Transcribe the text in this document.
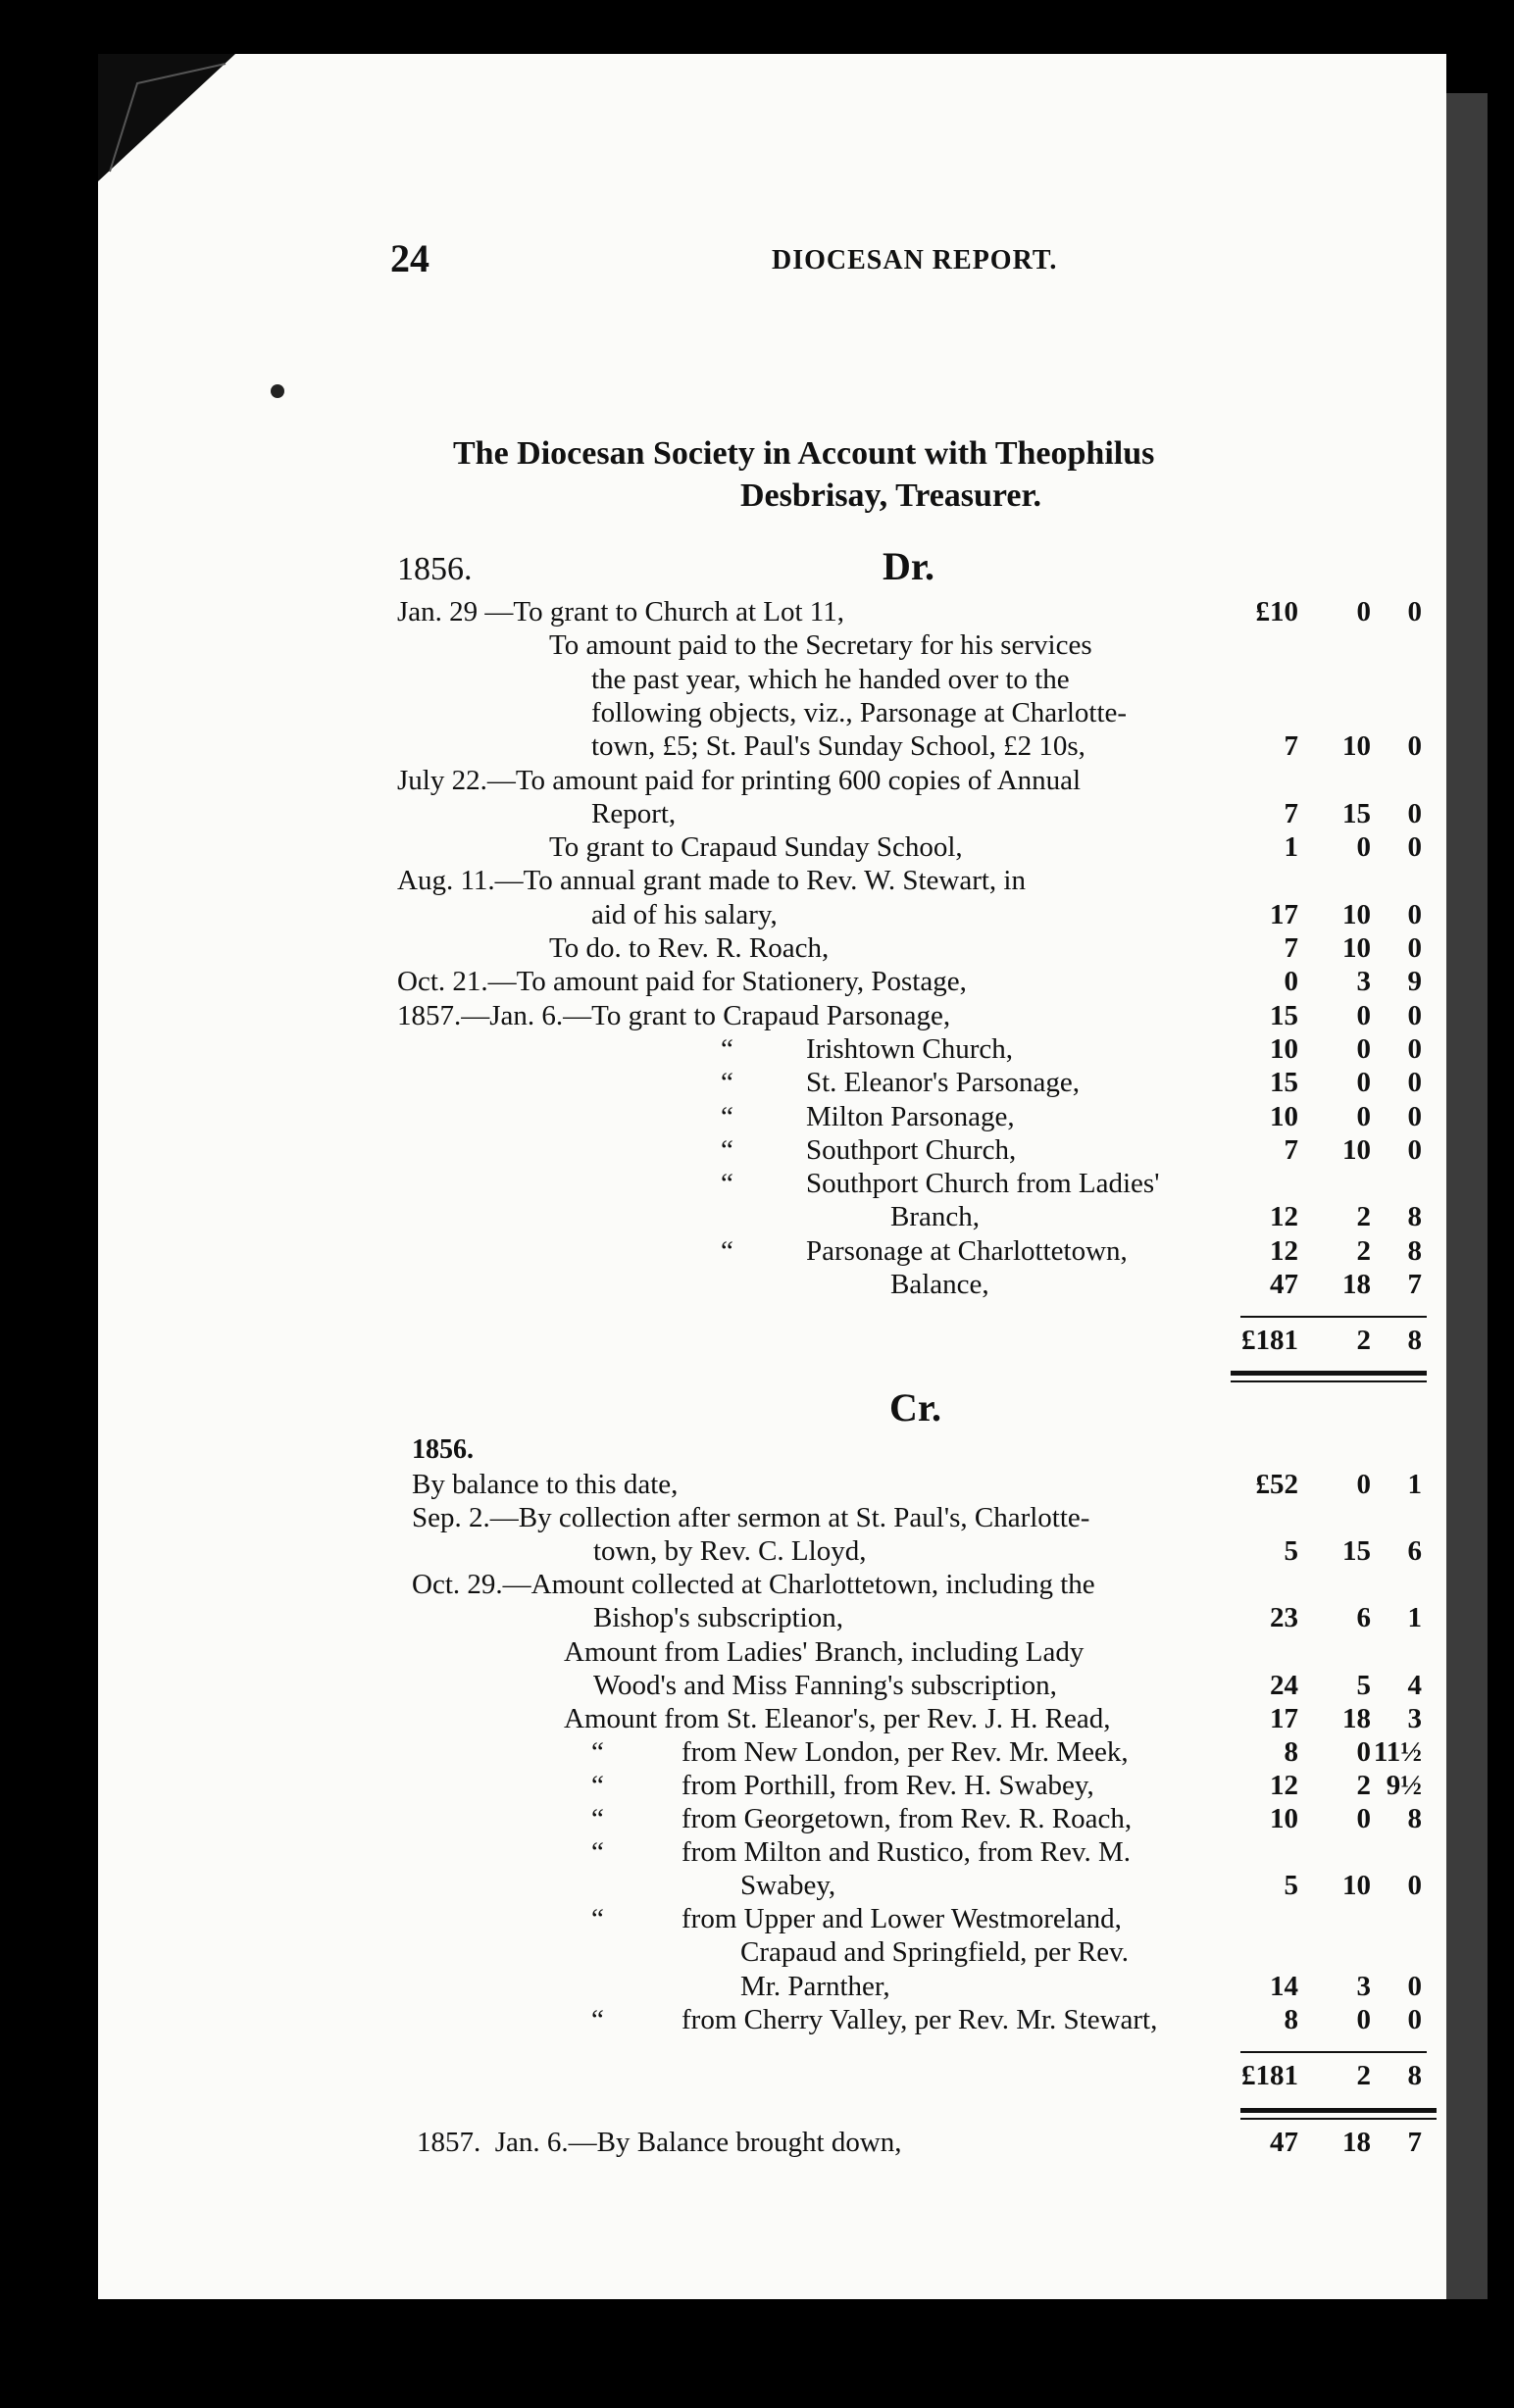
24	DIOCESAN REPORT.
The Diocesan Society in Account with Theophilus
Desbrisay, Treasurer.
1856.	Dr.
Jan. 29 —To grant to Church at Lot 11,	£10 0 0
To amount paid to the Secretary for his services
the past year, which he handed over to the
following objects, viz., Parsonage at Charlotte-
town, £5; St. Paul's Sunday School, £2 10s,	7 10 0
July 22.—To amount paid for printing 600 copies of Annual
Report,	7 15 0
To grant to Crapaud Sunday School,	1 0 0
Aug. 11.—To annual grant made to Rev. W. Stewart, in
aid of his salary,	17 10 0
To do. to Rev. R. Roach,	7 10 0
Oct. 21.—To amount paid for Stationery, Postage,	0 3 9
1857.—Jan. 6.—To grant to Crapaud Parsonage,	15 0 0
“	Irishtown Church,	10 0 0
“	St. Eleanor's Parsonage,	15 0 0
“	Milton Parsonage,	10 0 0
“	Southport Church,	7 10 0
“	Southport Church from Ladies'
Branch,	12 2 8
“	Parsonage at Charlottetown,	12 2 8
Balance,	47 18 7
£181 2 8
Cr.
1856.
By balance to this date,	£52 0 1
Sep. 2.—By collection after sermon at St. Paul's, Charlotte-
town, by Rev. C. Lloyd,	5 15 6
Oct. 29.—Amount collected at Charlottetown, including the
Bishop's subscription,	23 6 1
Amount from Ladies' Branch, including Lady
Wood's and Miss Fanning's subscription,	24 5 4
Amount from St. Eleanor's, per Rev. J. H. Read,	17 18 3
“	from New London, per Rev. Mr. Meek,	8 0 11½
“	from Porthill, from Rev. H. Swabey,	12 2 9½
“	from Georgetown, from Rev. R. Roach,	10 0 8
“	from Milton and Rustico, from Rev. M.
Swabey,	5 10 0
“	from Upper and Lower Westmoreland,
Crapaud and Springfield, per Rev.
Mr. Parnther,	14 3 0
“	from Cherry Valley, per Rev. Mr. Stewart,	8 0 0
£181 2 8
1857.  Jan. 6.—By Balance brought down,	47 18 7
